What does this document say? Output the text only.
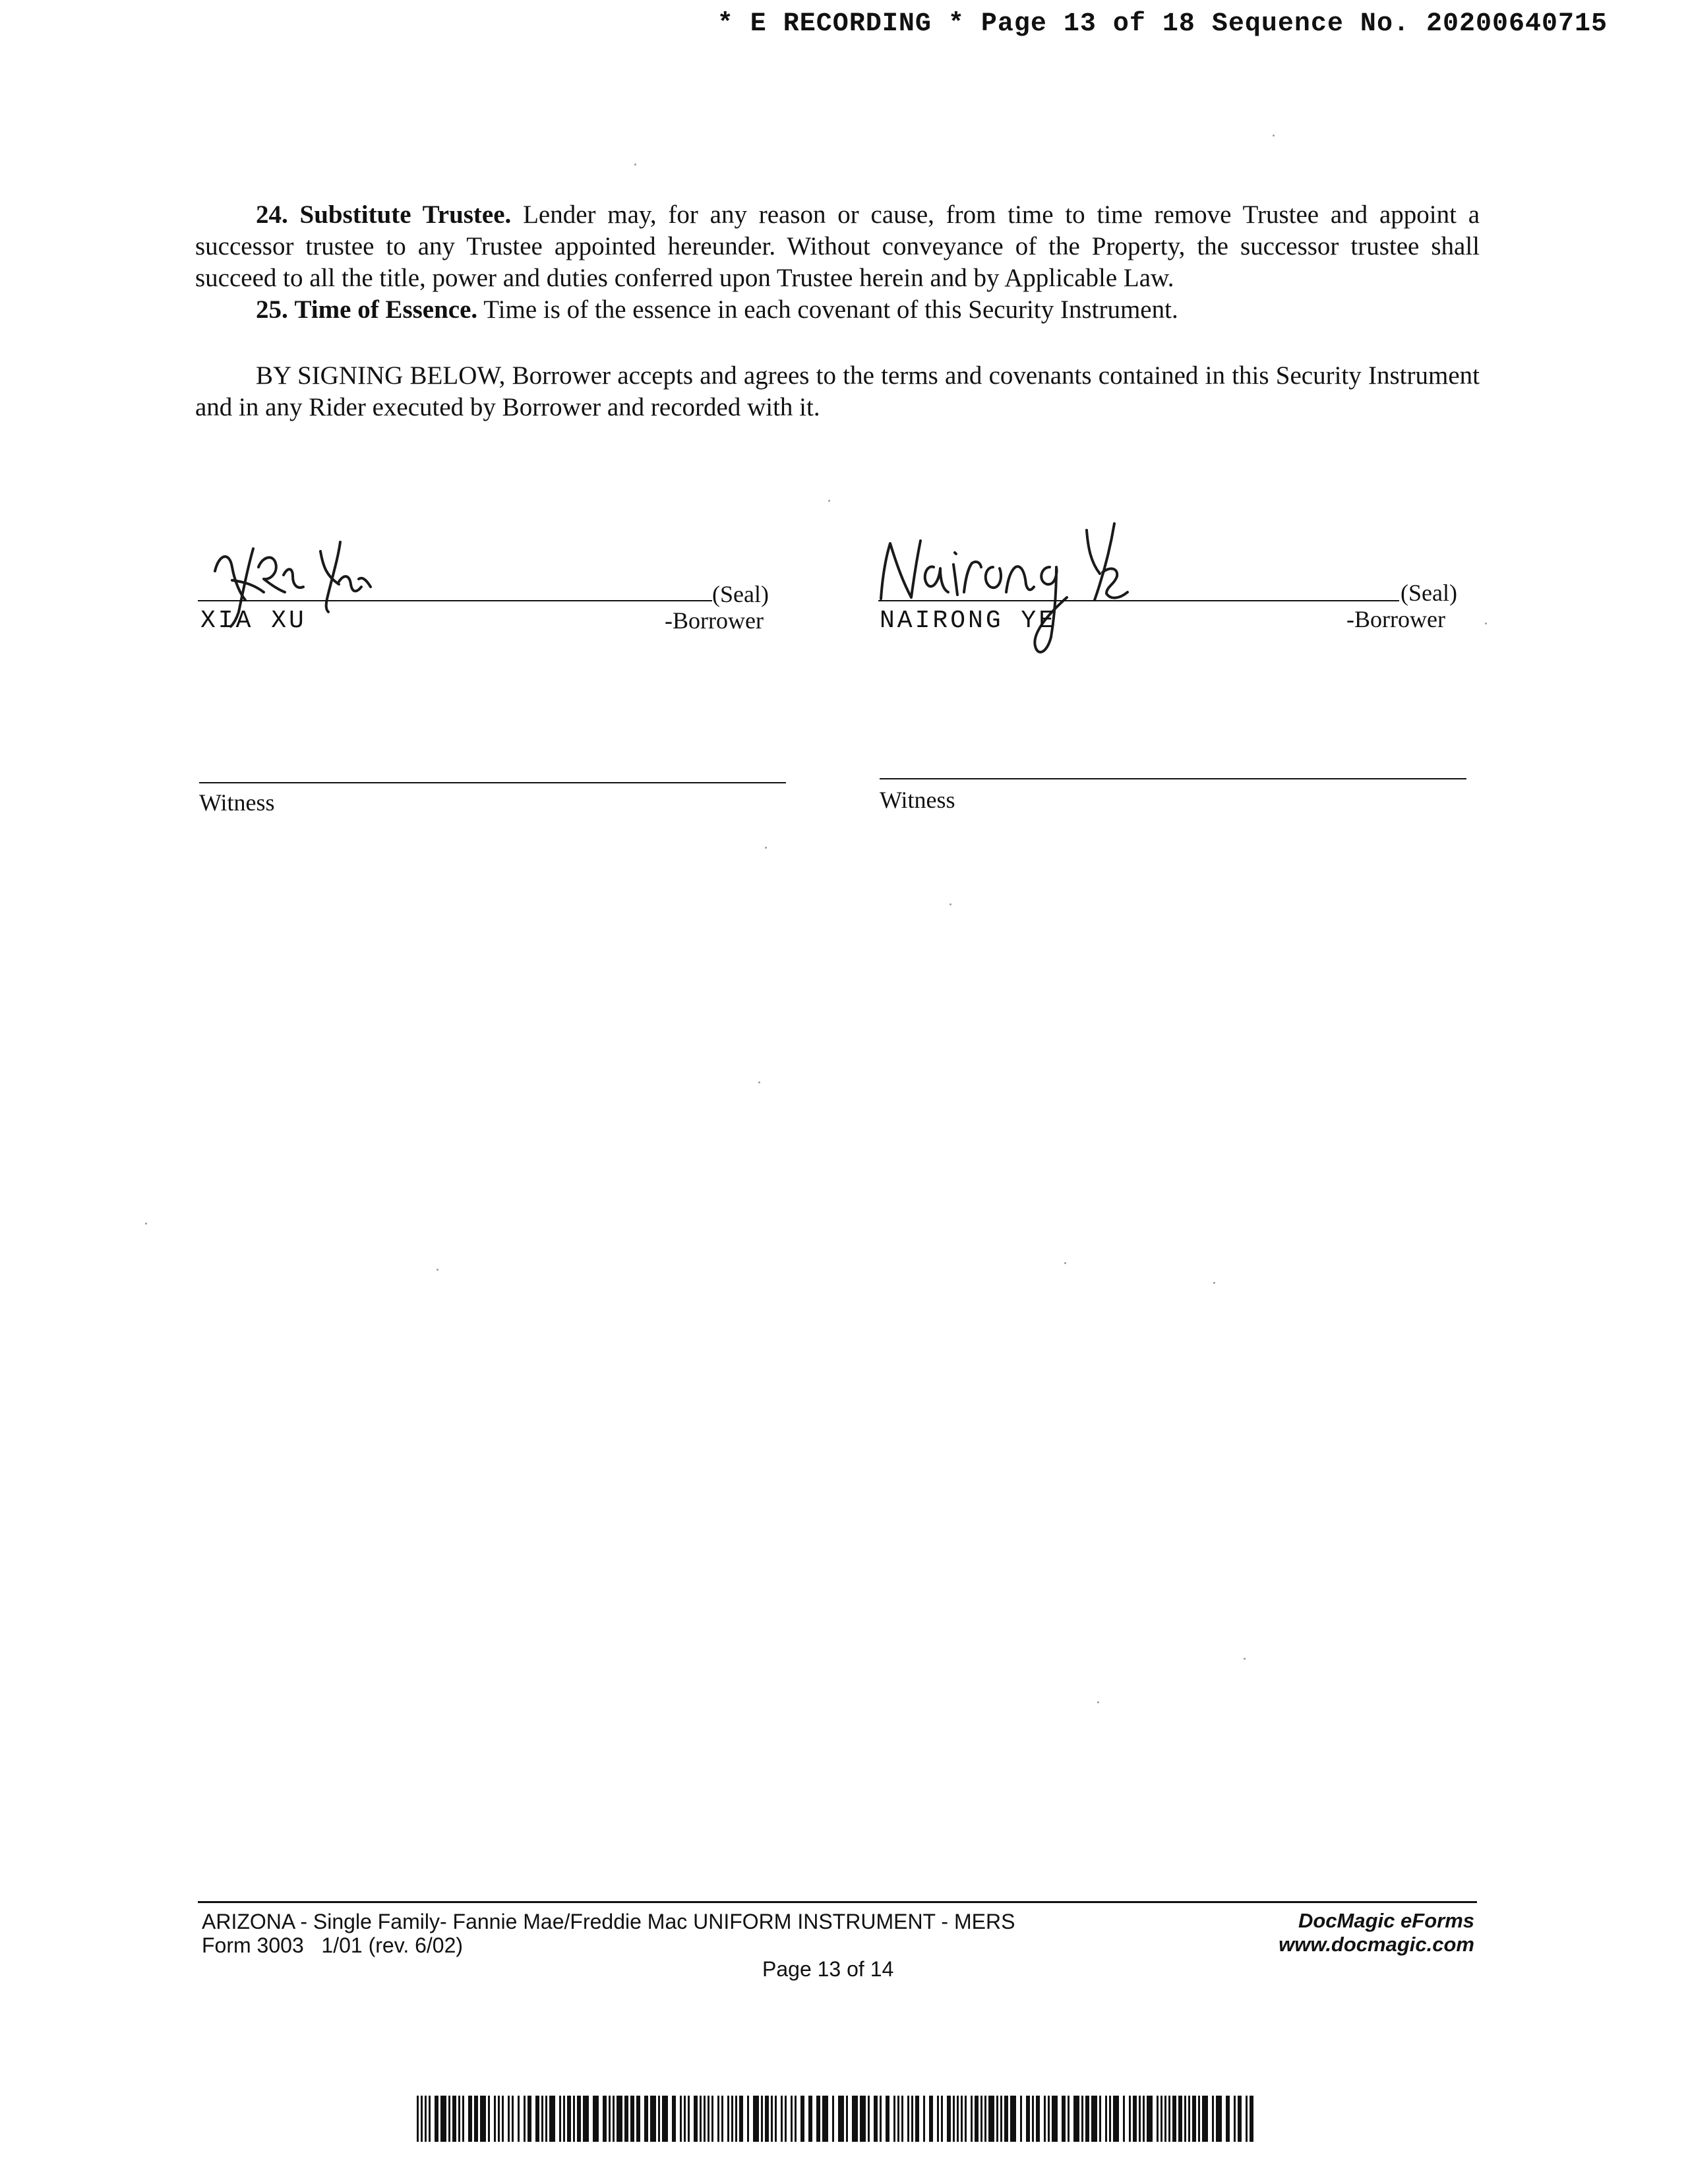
* E RECORDING * Page 13 of 18 Sequence No. 20200640715

24. Substitute Trustee. Lender may, for any reason or cause, from time to time remove Trustee and appoint a successor trustee to any Trustee appointed hereunder. Without conveyance of the Property, the successor trustee shall succeed to all the title, power and duties conferred upon Trustee herein and by Applicable Law.

25. Time of Essence. Time is of the essence in each covenant of this Security Instrument.

BY SIGNING BELOW, Borrower accepts and agrees to the terms and covenants contained in this Security Instrument and in any Rider executed by Borrower and recorded with it.

(Seal)
XIA XU	-Borrower
(Seal)
NAIRONG YE	-Borrower
Witness	Witness
ARIZONA - Single Family- Fannie Mae/Freddie Mac UNIFORM INSTRUMENT - MERS
Form 3003   1/01 (rev. 6/02)
Page 13 of 14
DocMagic eForms
www.docmagic.com
